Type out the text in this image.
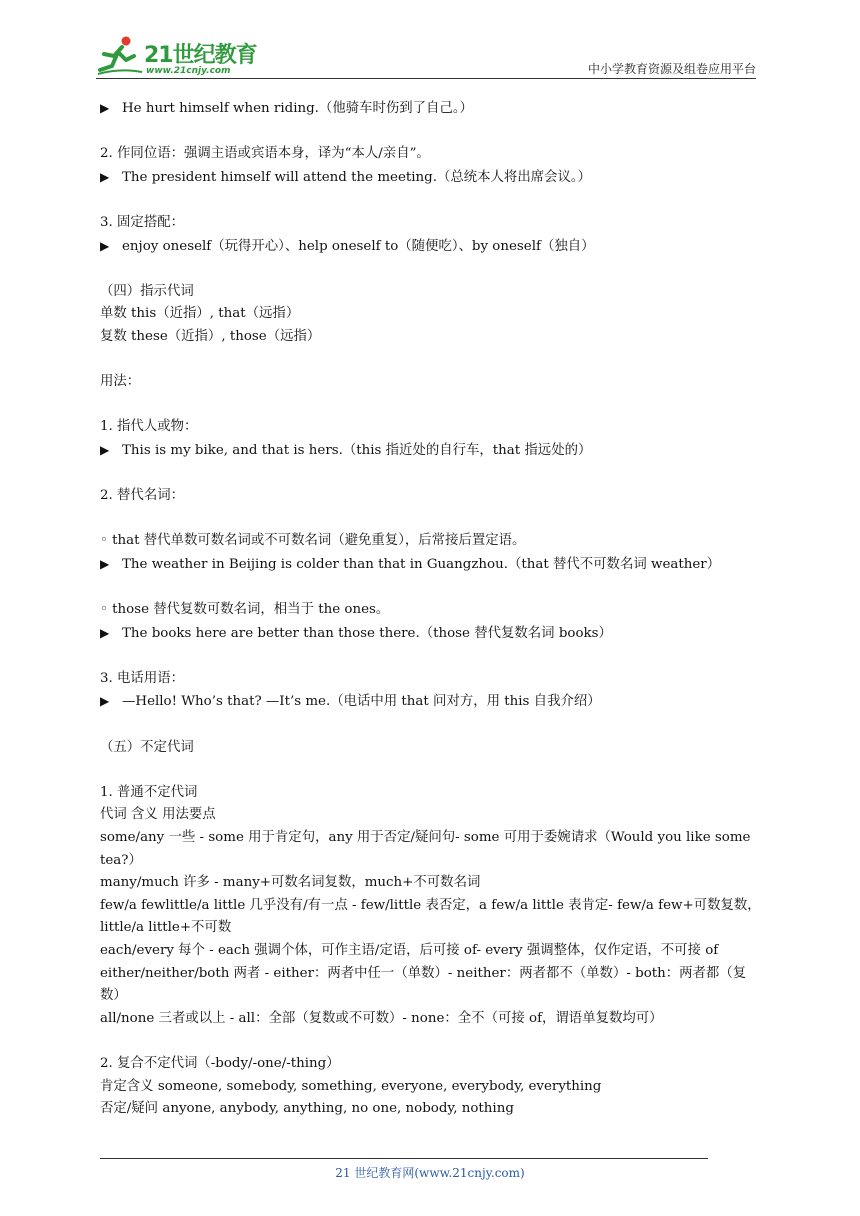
21世纪教育
www.21cnjy.com	中小学教育资源及组卷应用平台

▶ He hurt himself when riding.（他骑车时伤到了自己。）

2. 作同位语：强调主语或宾语本身，译为“本人/亲自”。

▶ The president himself will attend the meeting.（总统本人将出席会议。）

3. 固定搭配：

▶ enjoy oneself（玩得开心）、help oneself to（随便吃）、by oneself（独自）

（四）指示代词

单数 this（近指）, that（远指）

复数 these（近指）, those（远指）

用法：

1. 指代人或物：

▶ This is my bike, and that is hers.（this 指近处的自行车，that 指远处的）

2. 替代名词：

◦ that 替代单数可数名词或不可数名词（避免重复），后常接后置定语。

▶ The weather in Beijing is colder than that in Guangzhou.（that 替代不可数名词 weather）

◦ those 替代复数可数名词，相当于 the ones。

▶ The books here are better than those there.（those 替代复数名词 books）

3. 电话用语：

▶ —Hello! Who’s that? —It’s me.（电话中用 that 问对方，用 this 自我介绍）

（五）不定代词

1. 普通不定代词

代词 含义 用法要点

some/any 一些 - some 用于肯定句，any 用于否定/疑问句- some 可用于委婉请求（Would you like some tea?）

many/much 许多 - many+可数名词复数，much+不可数名词

few/a fewlittle/a little 几乎没有/有一点 - few/little 表否定，a few/a little 表肯定- few/a few+可数复数，little/a little+不可数

each/every 每个 - each 强调个体，可作主语/定语，后可接 of- every 强调整体，仅作定语，不可接 of

either/neither/both 两者 - either：两者中任一（单数）- neither：两者都不（单数）- both：两者都（复数）

all/none 三者或以上 - all：全部（复数或不可数）- none：全不（可接 of，谓语单复数均可）

2. 复合不定代词（-body/-one/-thing）

肯定含义 someone, somebody, something, everyone, everybody, everything

否定/疑问 anyone, anybody, anything, no one, nobody, nothing

21 世纪教育网(www.21cnjy.com)
